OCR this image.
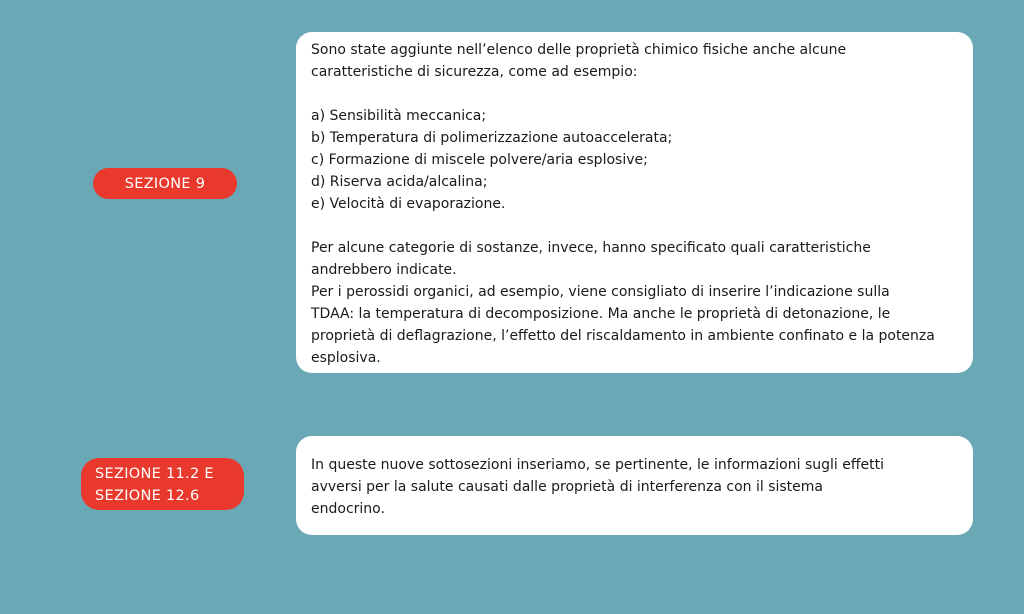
SEZIONE 9
Sono state aggiunte nell’elenco delle proprietà chimico fisiche anche alcune
caratteristiche di sicurezza, come ad esempio:
a) Sensibilità meccanica;
b) Temperatura di polimerizzazione autoaccelerata;
c) Formazione di miscele polvere/aria esplosive;
d) Riserva acida/alcalina;
e) Velocità di evaporazione.
Per alcune categorie di sostanze, invece, hanno specificato quali caratteristiche
andrebbero indicate.
Per i perossidi organici, ad esempio, viene consigliato di inserire l’indicazione sulla
TDAA: la temperatura di decomposizione. Ma anche le proprietà di detonazione, le
proprietà di deflagrazione, l’effetto del riscaldamento in ambiente confinato e la potenza
esplosiva.
SEZIONE 11.2 E
SEZIONE 12.6
In queste nuove sottosezioni inseriamo, se pertinente, le informazioni sugli effetti
avversi per la salute causati dalle proprietà di interferenza con il sistema
endocrino.
